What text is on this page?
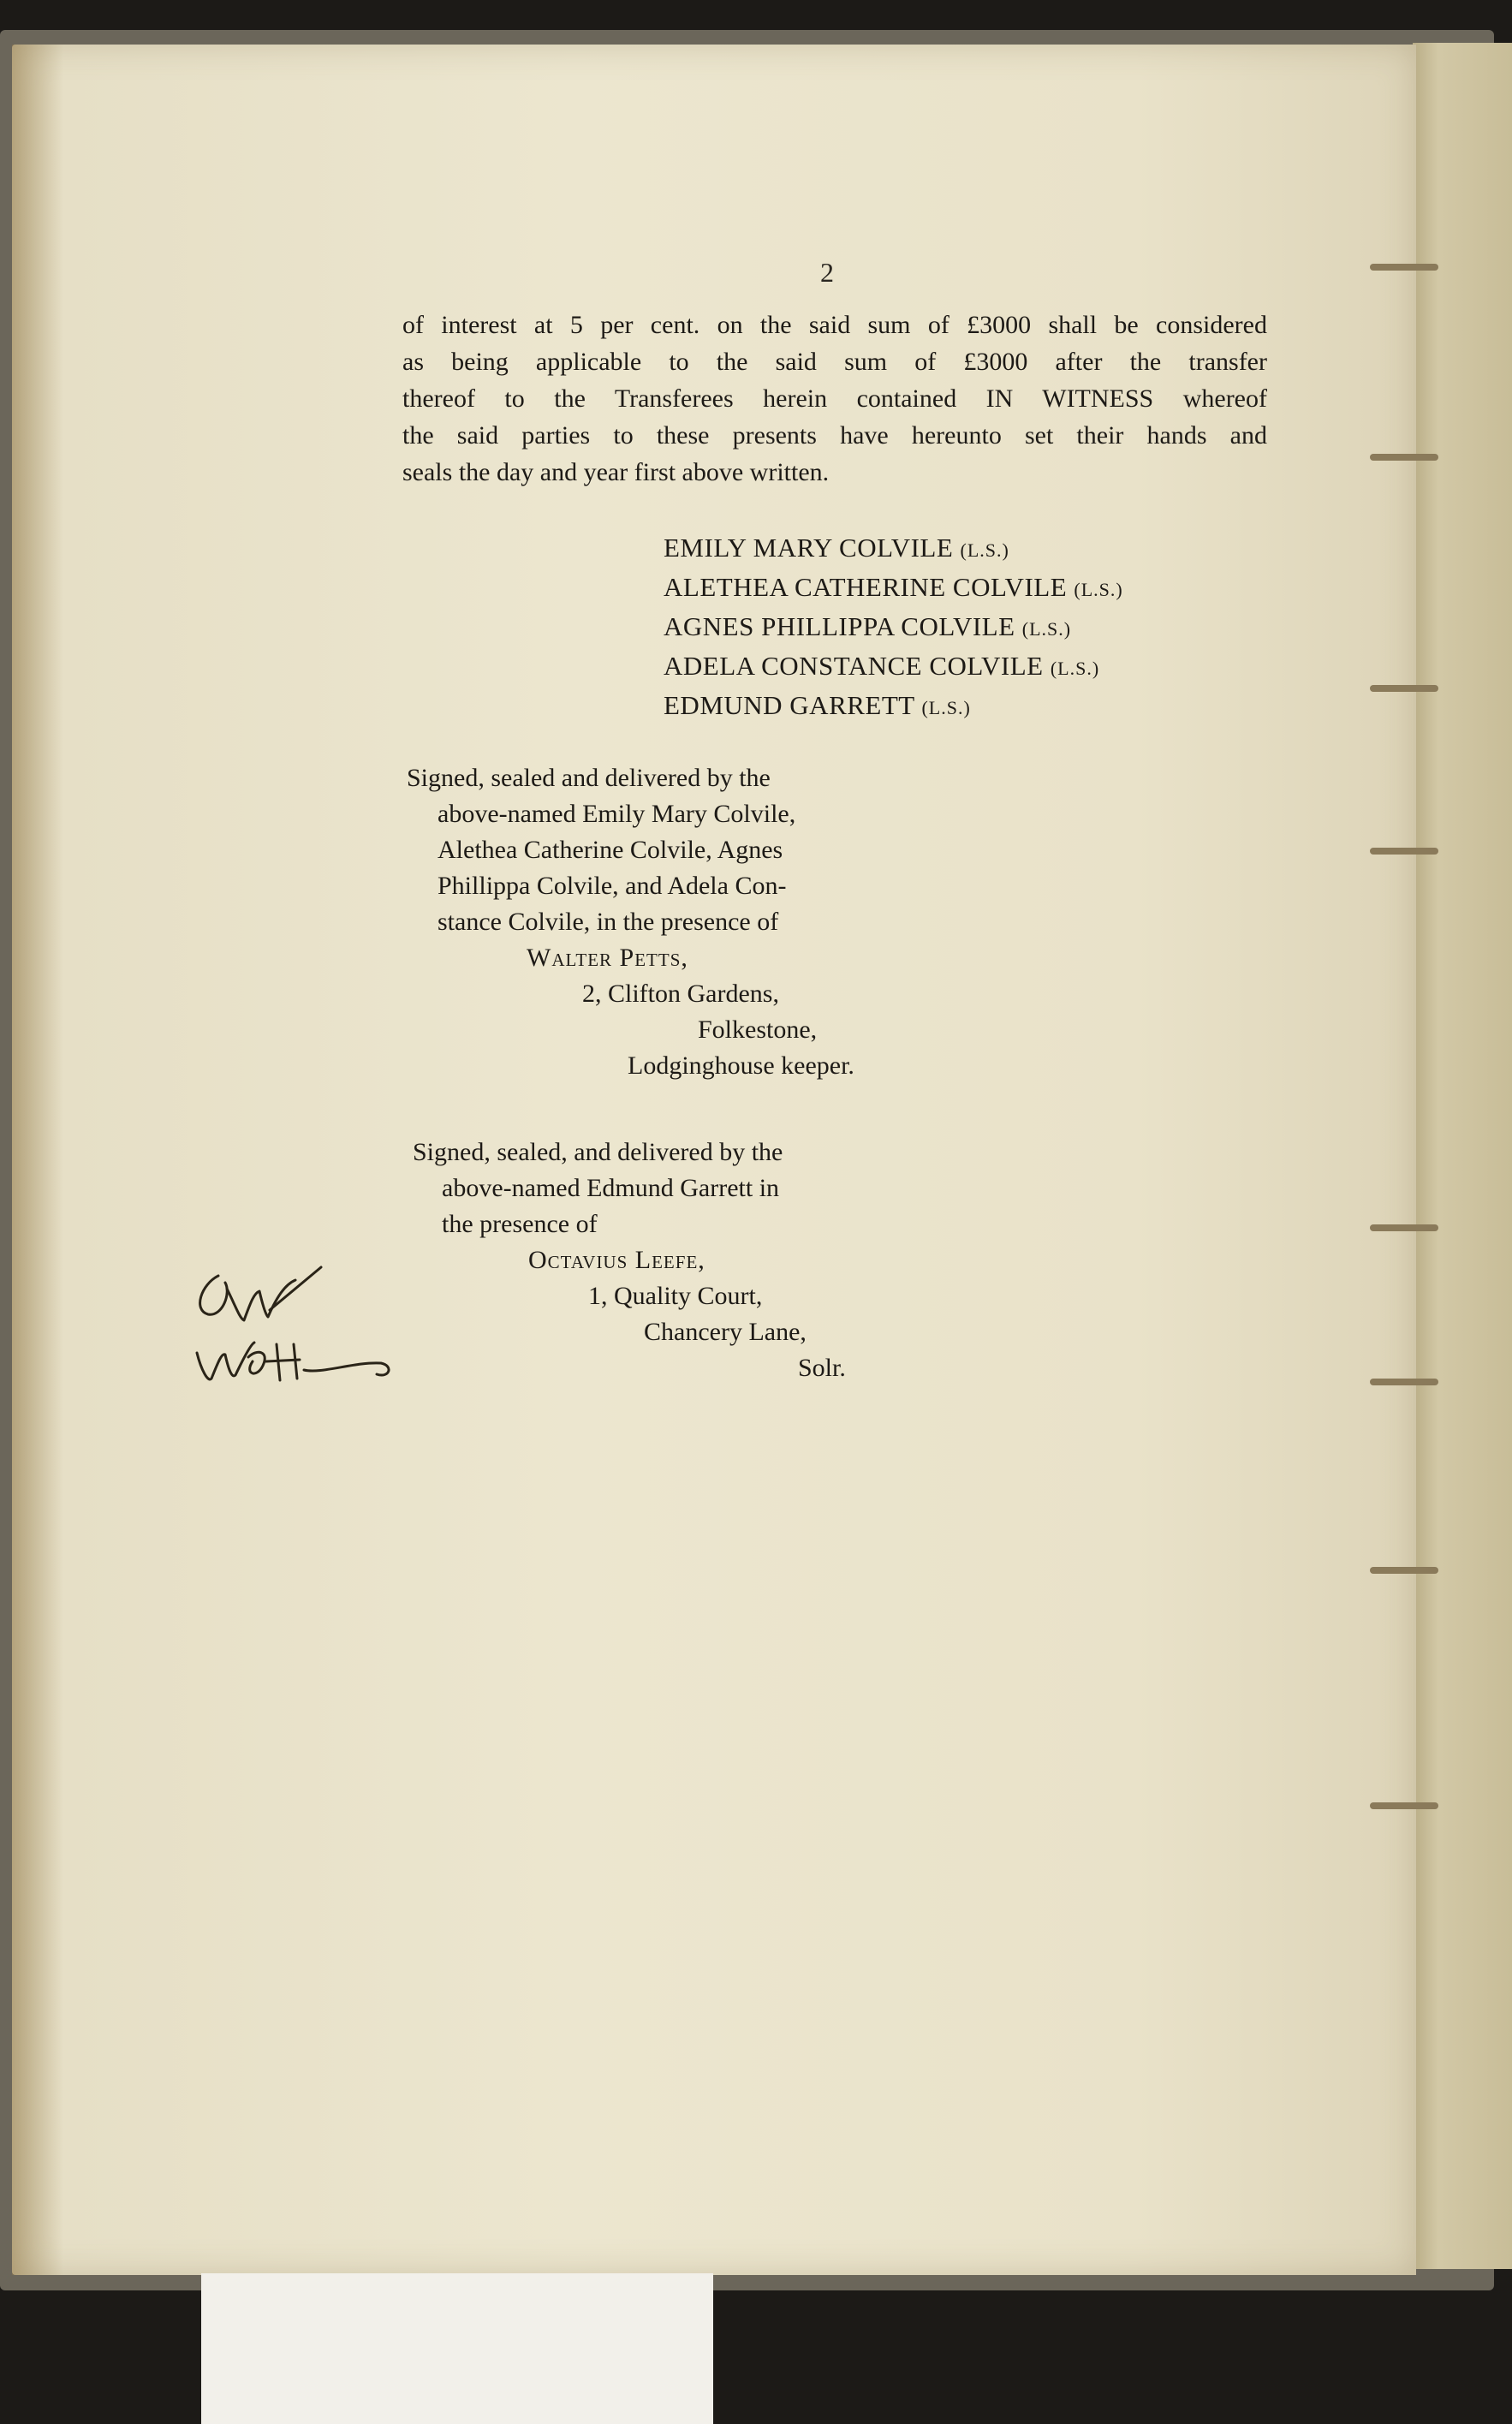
2
of interest at 5 per cent. on the said sum of £3000 shall be considered
as being applicable to the said sum of £3000 after the transfer
thereof to the Transferees herein contained IN WITNESS whereof
the said parties to these presents have hereunto set their hands and
seals the day and year first above written.
EMILY MARY COLVILE (L.S.)
ALETHEA CATHERINE COLVILE (L.S.)
AGNES PHILLIPPA COLVILE (L.S.)
ADELA CONSTANCE COLVILE (L.S.)
EDMUND GARRETT (L.S.)
Signed, sealed and delivered by the
above-named Emily Mary Colvile,
Alethea Catherine Colvile, Agnes
Phillippa Colvile, and Adela Con-
stance Colvile, in the presence of
Walter Petts,
2, Clifton Gardens,
Folkestone,
Lodginghouse keeper.
Signed, sealed, and delivered by the
above-named Edmund Garrett in
the presence of
Octavius Leefe,
1, Quality Court,
Chancery Lane,
Solr.
